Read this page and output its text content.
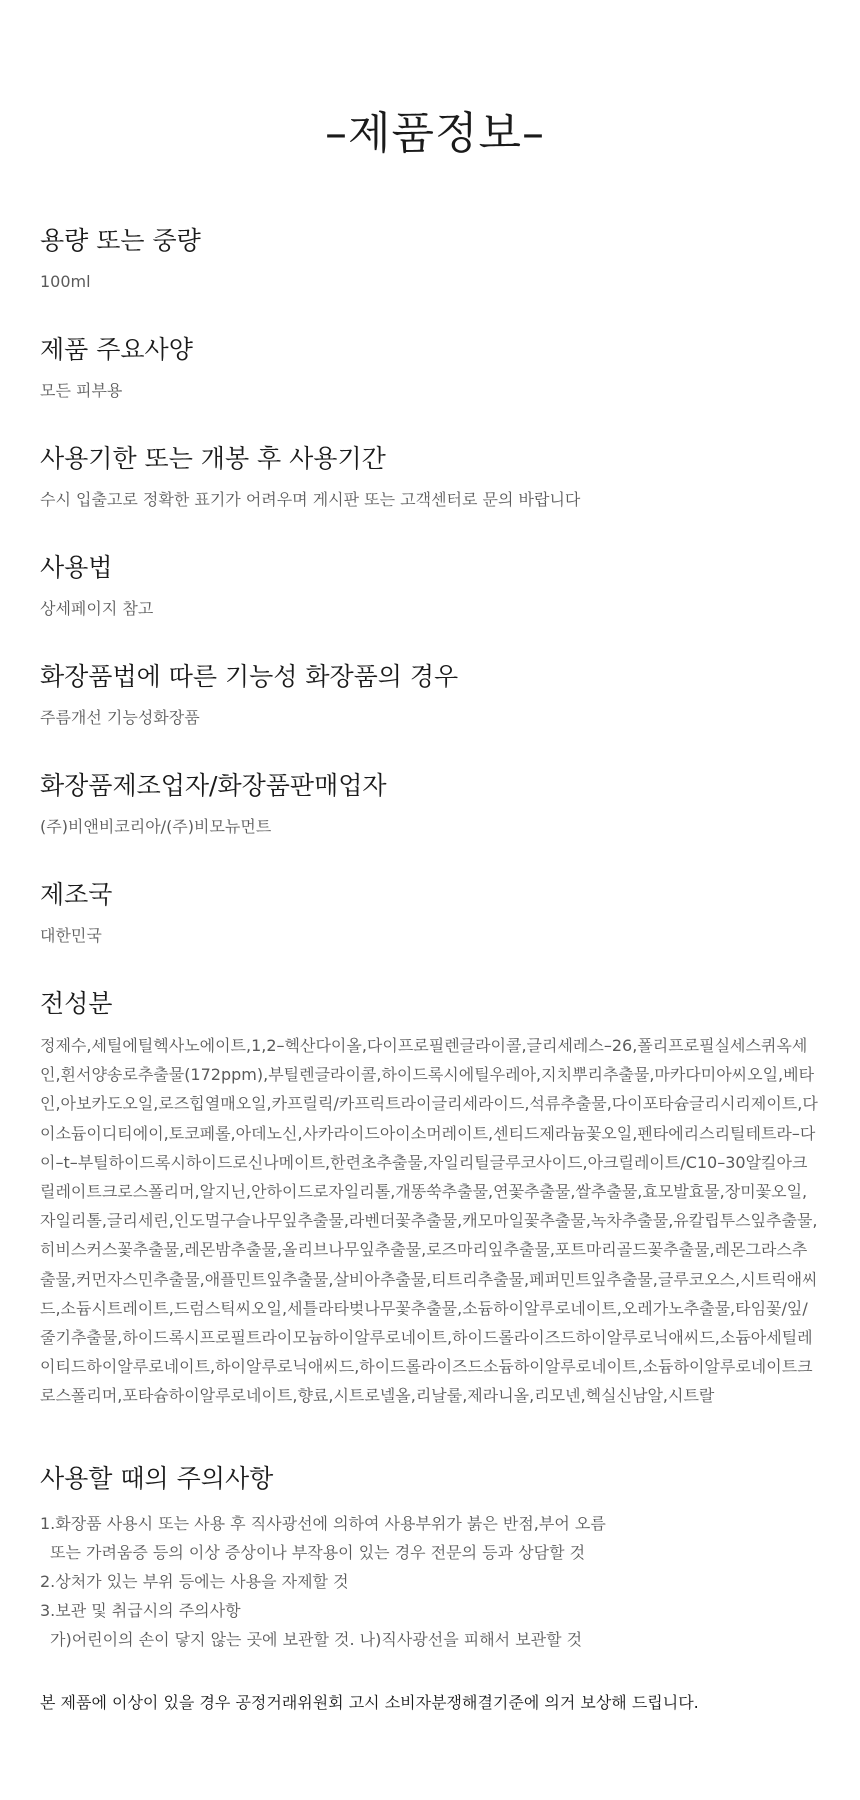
–제품정보–
용량 또는 중량

100ml

제품 주요사양

모든 피부용

사용기한 또는 개봉 후 사용기간

수시 입출고로 정확한 표기가 어려우며 게시판 또는 고객센터로 문의 바랍니다

사용법

상세페이지 참고

화장품법에 따른 기능성 화장품의 경우

주름개선 기능성화장품

화장품제조업자/화장품판매업자

(주)비앤비코리아/(주)비모뉴먼트

제조국

대한민국

전성분

정제수,세틸에틸헥사노에이트,1,2–헥산다이올,다이프로필렌글라이콜,글리세레스–26,폴리프로필실세스퀴옥세인,흰서양송로추출물(172ppm),부틸렌글라이콜,하이드록시에틸우레아,지치뿌리추출물,마카다미아씨오일,베타인,아보카도오일,로즈힙열매오일,카프릴릭/카프릭트라이글리세라이드,석류추출물,다이포타슘글리시리제이트,다이소듐이디티에이,토코페롤,아데노신,사카라이드아이소머레이트,센티드제라늄꽃오일,펜타에리스리틸테트라–다이–t–부틸하이드록시하이드로신나메이트,한련초추출물,자일리틸글루코사이드,아크릴레이트/C10–30알킬아크릴레이트크로스폴리머,알지닌,안하이드로자일리톨,개똥쑥추출물,연꽃추출물,쌀추출물,효모발효물,장미꽃오일,자일리톨,글리세린,인도멀구슬나무잎추출물,라벤더꽃추출물,캐모마일꽃추출물,녹차추출물,유칼립투스잎추출물,히비스커스꽃추출물,레몬밤추출물,올리브나무잎추출물,로즈마리잎추출물,포트마리골드꽃추출물,레몬그라스추출물,커먼자스민추출물,애플민트잎추출물,살비아추출물,티트리추출물,페퍼민트잎추출물,글루코오스,시트릭애씨드,소듐시트레이트,드럼스틱씨오일,세틀라타벚나무꽃추출물,소듐하이알루로네이트,오레가노추출물,타임꽃/잎/줄기추출물,하이드록시프로필트라이모늄하이알루로네이트,하이드롤라이즈드하이알루로닉애씨드,소듐아세틸레이티드하이알루로네이트,하이알루로닉애씨드,하이드롤라이즈드소듐하이알루로네이트,소듐하이알루로네이트크로스폴리머,포타슘하이알루로네이트,향료,시트로넬올,리날룰,제라니올,리모넨,헥실신남알,시트랄

사용할 때의 주의사항
1.화장품 사용시 또는 사용 후 직사광선에 의하여 사용부위가 붉은 반점,부어 오름
또는 가려움증 등의 이상 증상이나 부작용이 있는 경우 전문의 등과 상담할 것
2.상처가 있는 부위 등에는 사용을 자제할 것
3.보관 및 취급시의 주의사항
가)어린이의 손이 닿지 않는 곳에 보관할 것. 나)직사광선을 피해서 보관할 것

본 제품에 이상이 있을 경우 공정거래위원회 고시 소비자분쟁해결기준에 의거 보상해 드립니다.
